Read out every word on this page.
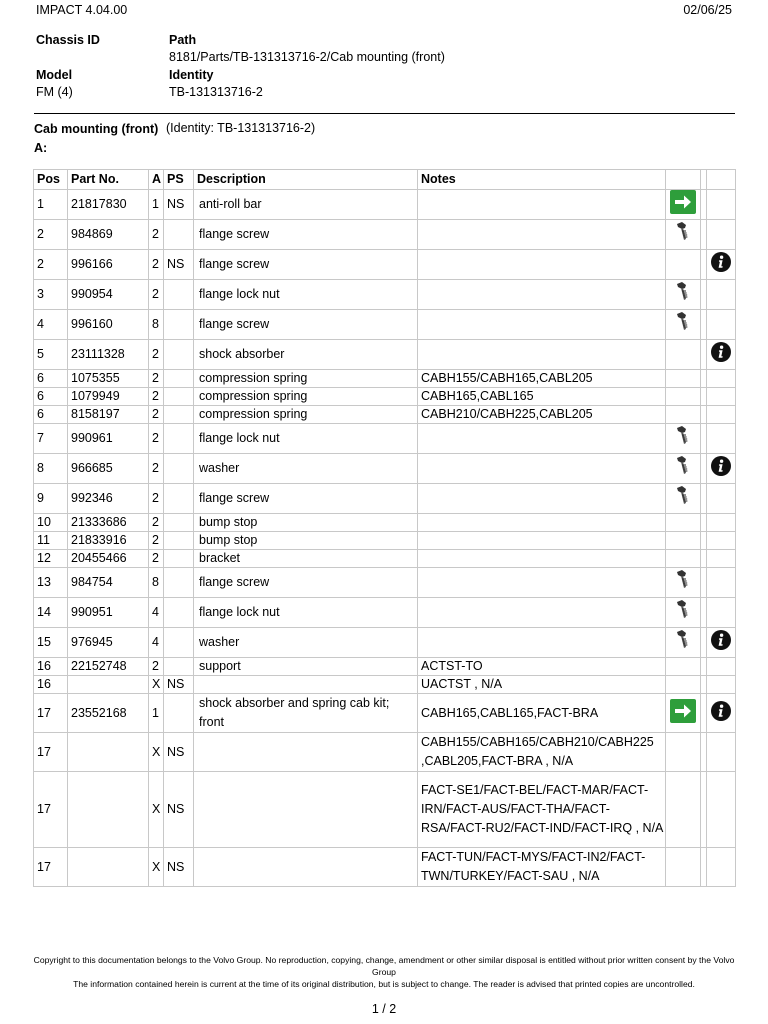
IMPACT 4.04.00	02/06/25
Chassis ID	Path
8181/Parts/TB-131313716-2/Cab mounting (front)
Model	Identity
FM (4)	TB-131313716-2
Cab mounting (front) (Identity: TB-131313716-2)
A:
Pos	Part No.	A	PS	Description	Notes			
1	21817830	1	NS	anti-roll bar				
2	984869	2		flange screw				
2	996166	2	NS	flange screw				
3	990954	2		flange lock nut				
4	996160	8		flange screw				
5	23111328	2		shock absorber				
6	1075355	2		compression spring	CABH155/CABH165,CABL205			
6	1079949	2		compression spring	CABH165,CABL165			
6	8158197	2		compression spring	CABH210/CABH225,CABL205			
7	990961	2		flange lock nut				
8	966685	2		washer				
9	992346	2		flange screw				
10	21333686	2		bump stop				
11	21833916	2		bump stop				
12	20455466	2		bracket				
13	984754	8		flange screw				
14	990951	4		flange lock nut				
15	976945	4		washer				
16	22152748	2		support	ACTST-TO			
16		X	NS		UACTST , N/A			
17	23552168	1		shock absorber and spring cab kit; front	CABH165,CABL165,FACT-BRA			
17		X	NS		CABH155/CABH165/CABH210/CABH225 ,CABL205,FACT-BRA , N/A			
17		X	NS		FACT-SE1/FACT-BEL/FACT-MAR/FACT-IRN/FACT-AUS/FACT-THA/FACT-RSA/FACT-RU2/FACT-IND/FACT-IRQ , N/A			
17		X	NS		FACT-TUN/FACT-MYS/FACT-IN2/FACT-TWN/TURKEY/FACT-SAU , N/A			
Copyright to this documentation belongs to the Volvo Group. No reproduction, copying, change, amendment or other similar disposal is entitled without prior written consent by the Volvo Group
The information contained herein is current at the time of its original distribution, but is subject to change. The reader is advised that printed copies are uncontrolled.
1 / 2
